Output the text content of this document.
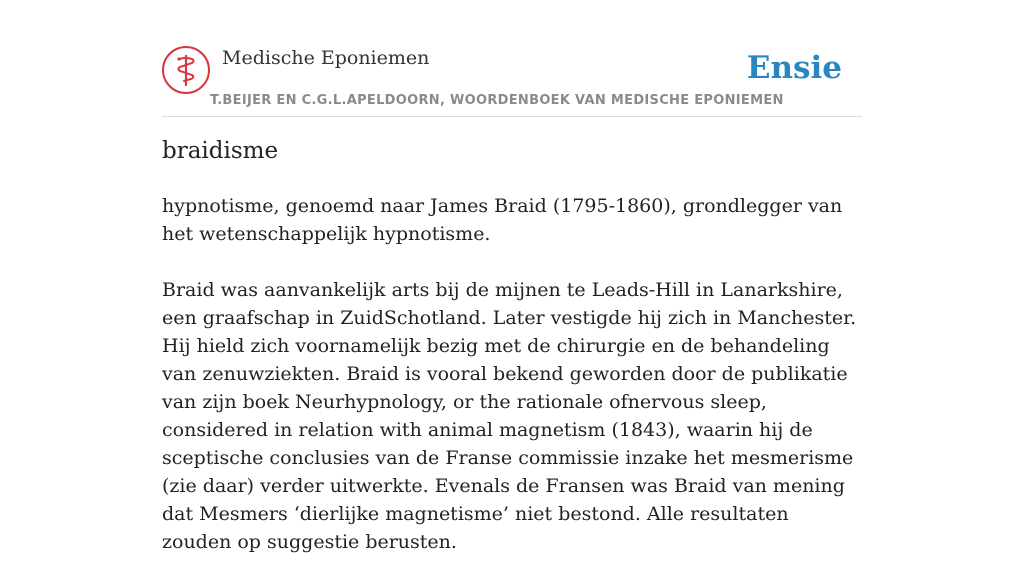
Medische Eponiemen
T.BEIJER EN C.G.L.APELDOORN, WOORDENBOEK VAN MEDISCHE EPONIEMEN
Ensie
braidisme

hypnotisme, genoemd naar James Braid (1795-1860), grondlegger van het wetenschappelijk hypnotisme.

Braid was aanvankelijk arts bij de mijnen te Leads-Hill in Lanarkshire, een graafschap in ZuidSchotland. Later vestigde hij zich in Manchester. Hij hield zich voornamelijk bezig met de chirurgie en de behandeling van zenuwziekten. Braid is vooral bekend geworden door de publikatie van zijn boek Neurhypnology, or the rationale ofnervous sleep, considered in relation with animal magnetism (1843), waarin hij de sceptische conclusies van de Franse commissie inzake het mesmerisme (zie daar) verder uitwerkte. Evenals de Fransen was Braid van mening dat Mesmers ‘dierlijke magnetisme’ niet bestond. Alle resultaten zouden op suggestie berusten.
